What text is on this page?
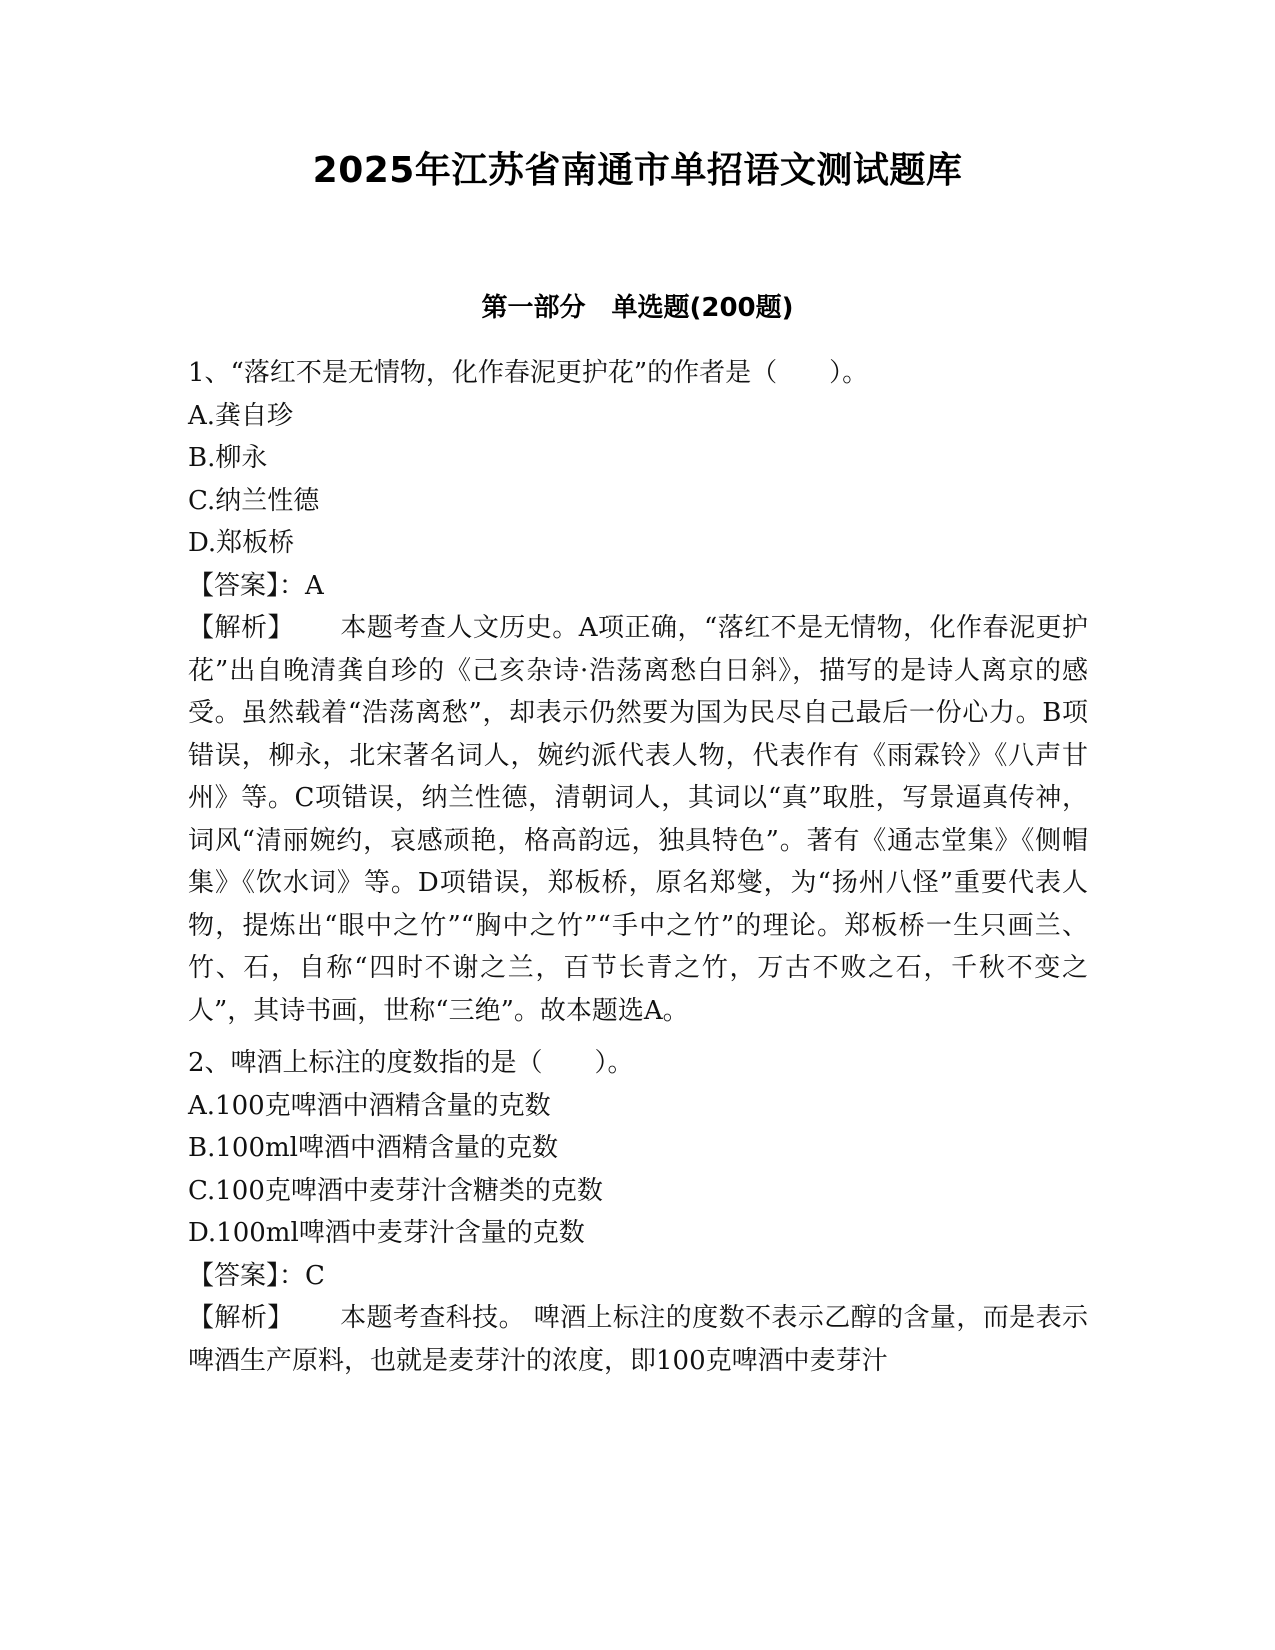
2025年江苏省南通市单招语文测试题库
第一部分　单选题(200题)
1、“落红不是无情物，化作春泥更护花”的作者是（　　）。
A.龚自珍
B.柳永
C.纳兰性德
D.郑板桥
【答案】：A
【解析】 本题考查人文历史。A项正确，“落红不是无情物，化作春泥更护花”出自晚清龚自珍的《己亥杂诗·浩荡离愁白日斜》，描写的是诗人离京的感受。虽然载着“浩荡离愁”，却表示仍然要为国为民尽自己最后一份心力。B项错误，柳永，北宋著名词人，婉约派代表人物，代表作有《雨霖铃》《八声甘州》等。C项错误，纳兰性德，清朝词人，其词以“真”取胜，写景逼真传神，词风“清丽婉约，哀感顽艳，格高韵远，独具特色”。著有《通志堂集》《侧帽集》《饮水词》等。D项错误，郑板桥，原名郑燮，为“扬州八怪”重要代表人物，提炼出“眼中之竹”“胸中之竹”“手中之竹”的理论。郑板桥一生只画兰、竹、石，自称“四时不谢之兰，百节长青之竹，万古不败之石，千秋不变之人”，其诗书画，世称“三绝”。故本题选A。
2、啤酒上标注的度数指的是（　　）。
A.100克啤酒中酒精含量的克数
B.100ml啤酒中酒精含量的克数
C.100克啤酒中麦芽汁含糖类的克数
D.100ml啤酒中麦芽汁含量的克数
【答案】：C
【解析】 本题考查科技。 啤酒上标注的度数不表示乙醇的含量，而是表示啤酒生产原料，也就是麦芽汁的浓度，即100克啤酒中麦芽汁
